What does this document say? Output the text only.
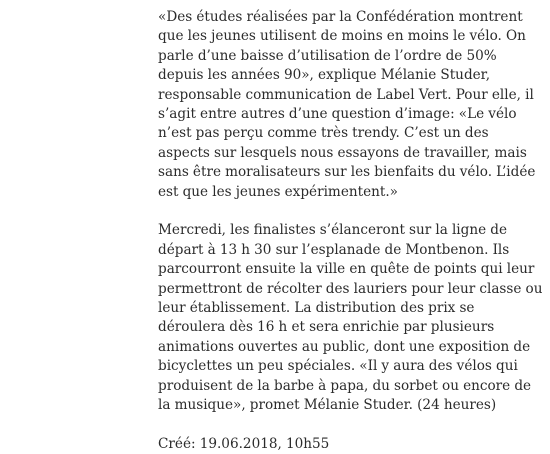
«Des études réalisées par la Confédération montrent que les jeunes utilisent de moins en moins le vélo. On parle d’une baisse d’utilisation de l’ordre de 50% depuis les années 90», explique Mélanie Studer, responsable communication de Label Vert. Pour elle, il s’agit entre autres d’une question d’image: «Le vélo n’est pas perçu comme très trendy. C’est un des aspects sur lesquels nous essayons de travailler, mais sans être moralisateurs sur les bienfaits du vélo. L’idée est que les jeunes expérimentent.»

Mercredi, les finalistes s’élanceront sur la ligne de départ à 13 h 30 sur l’esplanade de Montbenon. Ils parcourront ensuite la ville en quête de points qui leur permettront de récolter des lauriers pour leur classe ou leur établissement. La distribution des prix se déroulera dès 16 h et sera enrichie par plusieurs animations ouvertes au public, dont une exposition de bicyclettes un peu spéciales. «Il y aura des vélos qui produisent de la barbe à papa, du sorbet ou encore de la musique», promet Mélanie Studer. (24 heures)

Créé: 19.06.2018, 10h55
